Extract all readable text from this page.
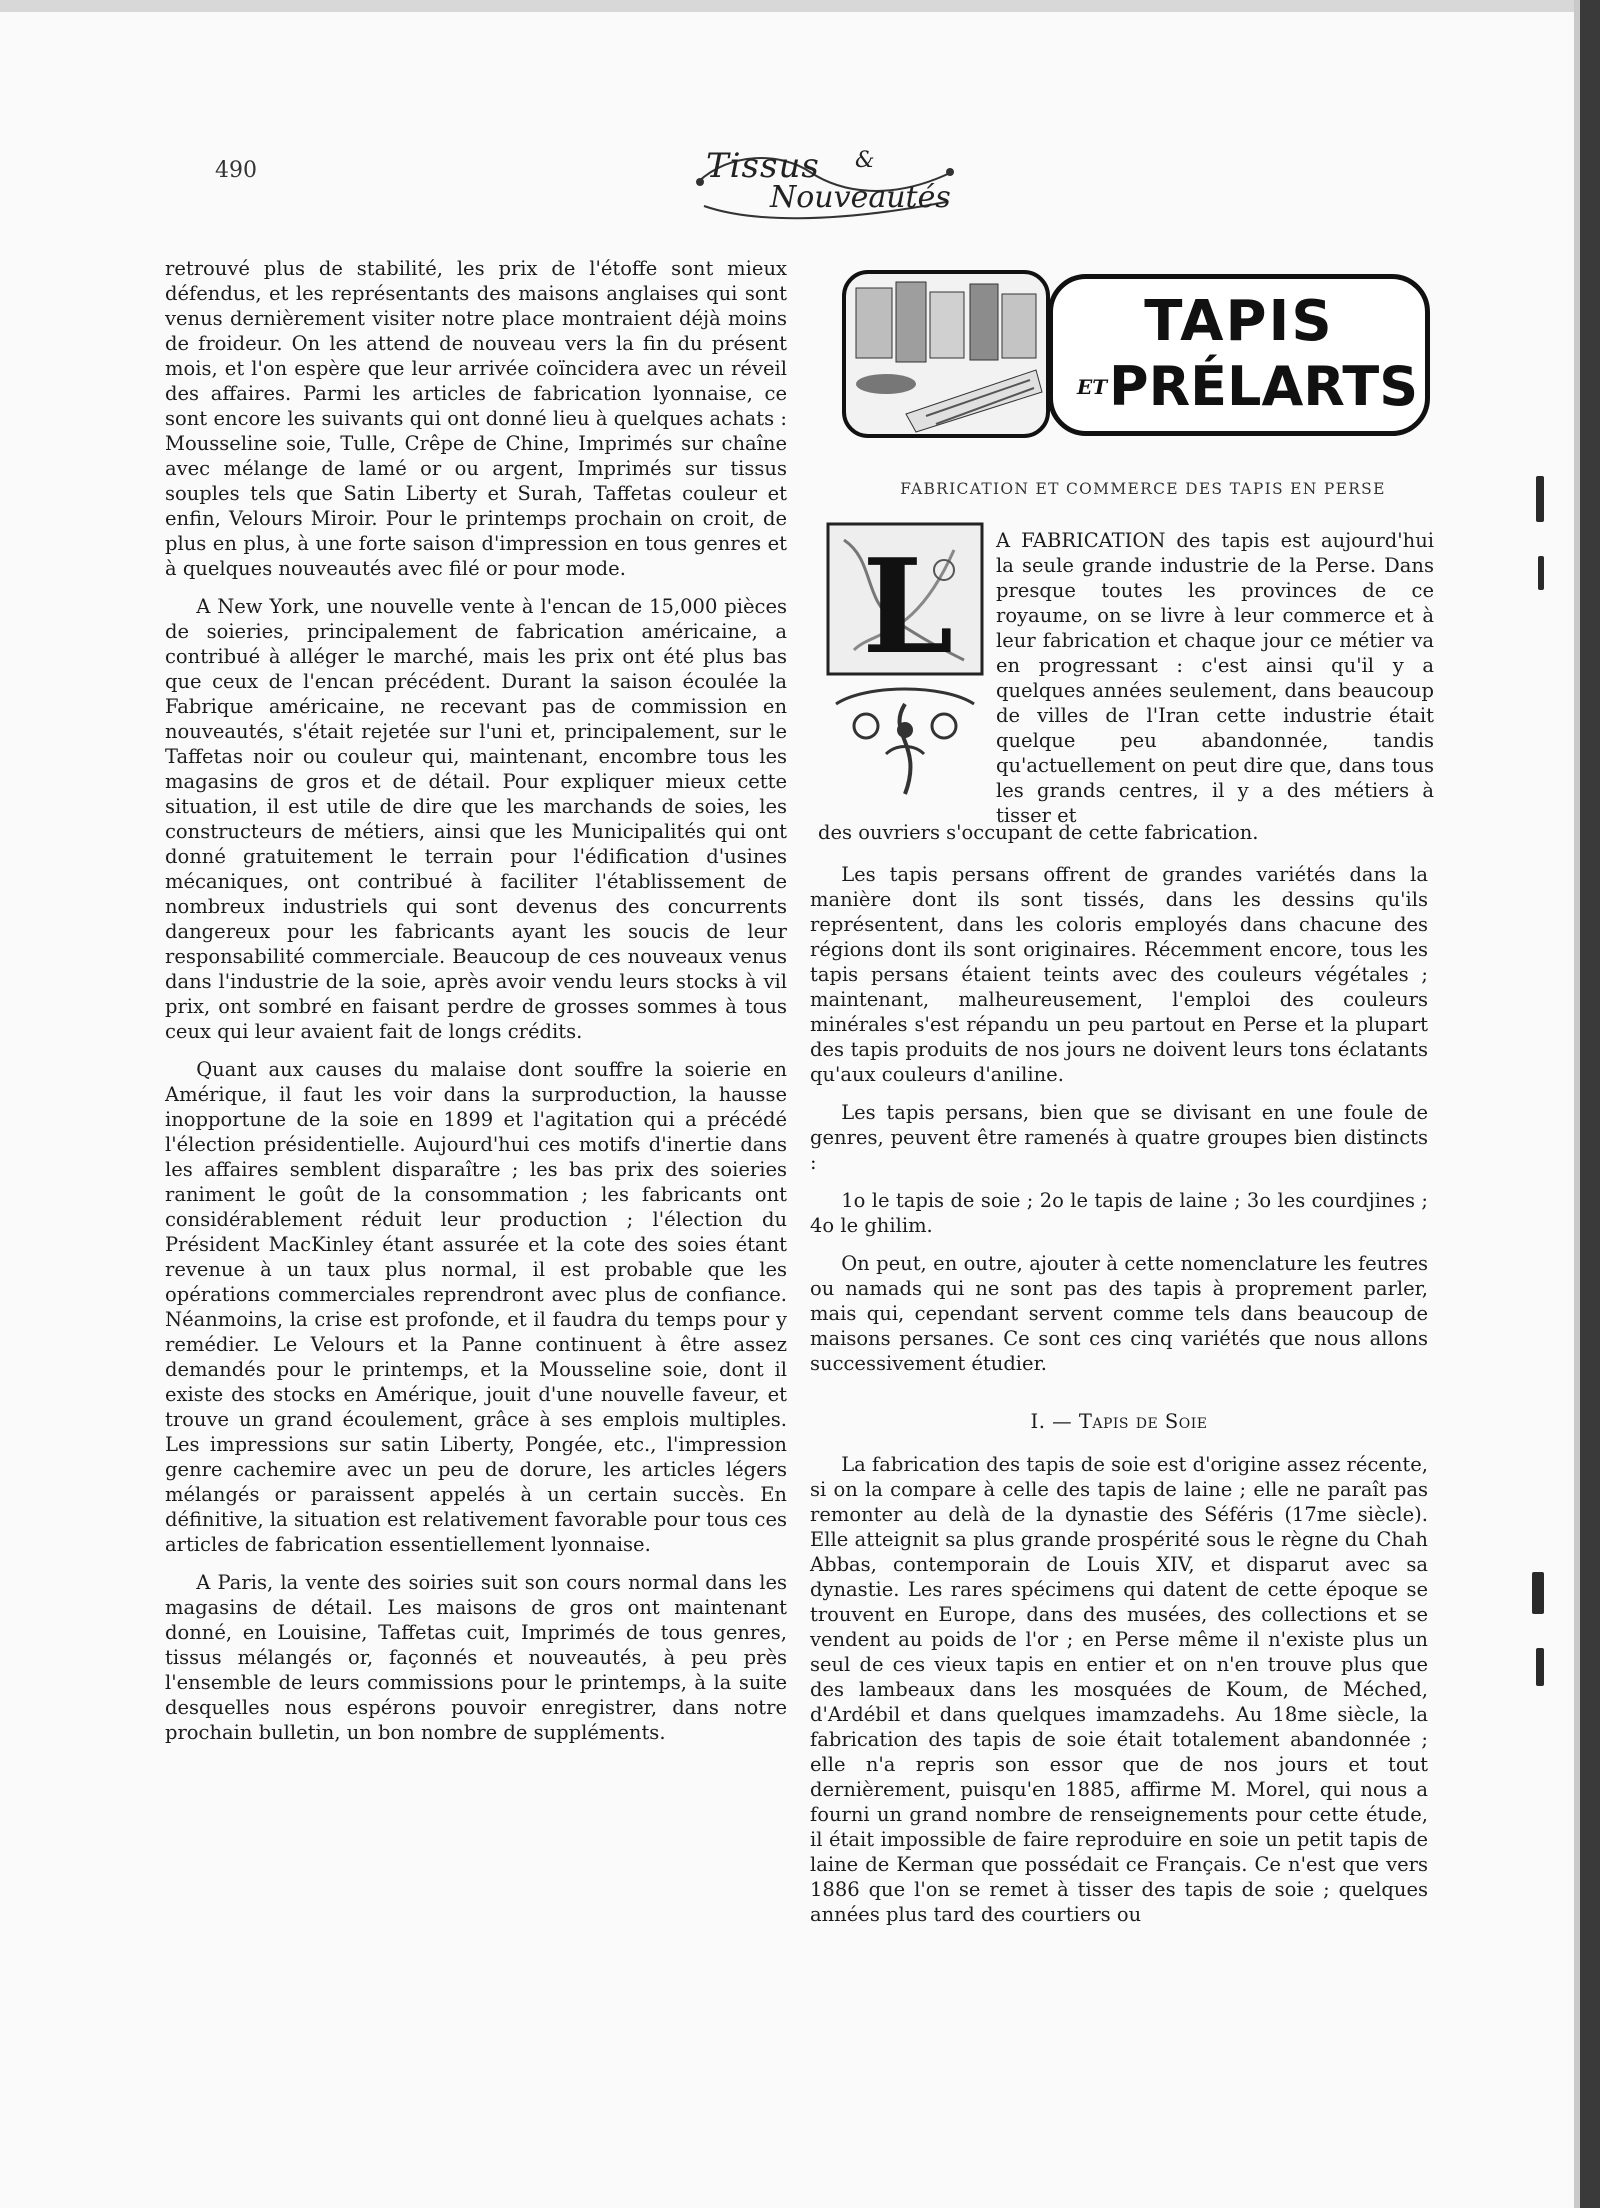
490	Tissus &
Nouveautés

retrouvé plus de stabilité, les prix de l'étoffe sont mieux défendus, et les représentants des maisons anglaises qui sont venus dernièrement visiter notre place montraient déjà moins de froideur. On les attend de nouveau vers la fin du présent mois, et l'on espère que leur arrivée coïncidera avec un réveil des affaires. Parmi les articles de fabrication lyonnaise, ce sont encore les suivants qui ont donné lieu à quelques achats : Mousseline soie, Tulle, Crêpe de Chine, Imprimés sur chaîne avec mélange de lamé or ou argent, Imprimés sur tissus souples tels que Satin Liberty et Surah, Taffetas couleur et enfin, Velours Miroir. Pour le printemps prochain on croit, de plus en plus, à une forte saison d'impression en tous genres et à quelques nouveautés avec filé or pour mode.

A New York, une nouvelle vente à l'encan de 15,000 pièces de soieries, principalement de fabrication américaine, a contribué à alléger le marché, mais les prix ont été plus bas que ceux de l'encan précédent. Durant la saison écoulée la Fabrique américaine, ne recevant pas de commission en nouveautés, s'était rejetée sur l'uni et, principalement, sur le Taffetas noir ou couleur qui, maintenant, encombre tous les magasins de gros et de détail. Pour expliquer mieux cette situation, il est utile de dire que les marchands de soies, les constructeurs de métiers, ainsi que les Municipalités qui ont donné gratuitement le terrain pour l'édification d'usines mécaniques, ont contribué à faciliter l'établissement de nombreux industriels qui sont devenus des concurrents dangereux pour les fabricants ayant les soucis de leur responsabilité commerciale. Beaucoup de ces nouveaux venus dans l'industrie de la soie, après avoir vendu leurs stocks à vil prix, ont sombré en faisant perdre de grosses sommes à tous ceux qui leur avaient fait de longs crédits.

Quant aux causes du malaise dont souffre la soierie en Amérique, il faut les voir dans la surproduction, la hausse inopportune de la soie en 1899 et l'agitation qui a précédé l'élection présidentielle. Aujourd'hui ces motifs d'inertie dans les affaires semblent disparaître ; les bas prix des soieries raniment le goût de la consommation ; les fabricants ont considérablement réduit leur production ; l'élection du Président MacKinley étant assurée et la cote des soies étant revenue à un taux plus normal, il est probable que les opérations commerciales reprendront avec plus de confiance. Néanmoins, la crise est profonde, et il faudra du temps pour y remédier. Le Velours et la Panne continuent à être assez demandés pour le printemps, et la Mousseline soie, dont il existe des stocks en Amérique, jouit d'une nouvelle faveur, et trouve un grand écoulement, grâce à ses emplois multiples. Les impressions sur satin Liberty, Pongée, etc., l'impression genre cachemire avec un peu de dorure, les articles légers mélangés or paraissent appelés à un certain succès. En définitive, la situation est relativement favorable pour tous ces articles de fabrication essentiellement lyonnaise.

A Paris, la vente des soiries suit son cours normal dans les magasins de détail. Les maisons de gros ont maintenant donné, en Louisine, Taffetas cuit, Imprimés de tous genres, tissus mélangés or, façonnés et nouveautés, à peu près l'ensemble de leurs commissions pour le printemps, à la suite desquelles nous espérons pouvoir enregistrer, dans notre prochain bulletin, un bon nombre de suppléments.

TAPIS
ET PRÉLARTS
FABRICATION ET COMMERCE DES TAPIS EN PERSE
L A FABRICATION des tapis est aujourd'hui la seule grande industrie de la Perse. Dans presque toutes les provinces de ce royaume, on se livre à leur commerce et à leur fabrication et chaque jour ce métier va en progressant : c'est ainsi qu'il y a quelques années seulement, dans beaucoup de villes de l'Iran cette industrie était quelque peu abandonnée, tandis qu'actuellement on peut dire que, dans tous les grands centres, il y a des métiers à tisser et
des ouvriers s'occupant de cette fabrication.

Les tapis persans offrent de grandes variétés dans la manière dont ils sont tissés, dans les dessins qu'ils représentent, dans les coloris employés dans chacune des régions dont ils sont originaires. Récemment encore, tous les tapis persans étaient teints avec des couleurs végétales ; maintenant, malheureusement, l'emploi des couleurs minérales s'est répandu un peu partout en Perse et la plupart des tapis produits de nos jours ne doivent leurs tons éclatants qu'aux couleurs d'aniline.

Les tapis persans, bien que se divisant en une foule de genres, peuvent être ramenés à quatre groupes bien distincts :

1o le tapis de soie ; 2o le tapis de laine ; 3o les courdjines ; 4o le ghilim.

On peut, en outre, ajouter à cette nomenclature les feutres ou namads qui ne sont pas des tapis à proprement parler, mais qui, cependant servent comme tels dans beaucoup de maisons persanes. Ce sont ces cinq variétés que nous allons successivement étudier.

I. — Tapis de Soie

La fabrication des tapis de soie est d'origine assez récente, si on la compare à celle des tapis de laine ; elle ne paraît pas remonter au delà de la dynastie des Séféris (17me siècle). Elle atteignit sa plus grande prospérité sous le règne du Chah Abbas, contemporain de Louis XIV, et disparut avec sa dynastie. Les rares spécimens qui datent de cette époque se trouvent en Europe, dans des musées, des collections et se vendent au poids de l'or ; en Perse même il n'existe plus un seul de ces vieux tapis en entier et on n'en trouve plus que des lambeaux dans les mosquées de Koum, de Méched, d'Ardébil et dans quelques imamzadehs. Au 18me siècle, la fabrication des tapis de soie était totalement abandonnée ; elle n'a repris son essor que de nos jours et tout dernièrement, puisqu'en 1885, affirme M. Morel, qui nous a fourni un grand nombre de renseignements pour cette étude, il était impossible de faire reproduire en soie un petit tapis de laine de Kerman que possédait ce Français. Ce n'est que vers 1886 que l'on se remet à tisser des tapis de soie ; quelques années plus tard des courtiers ou
